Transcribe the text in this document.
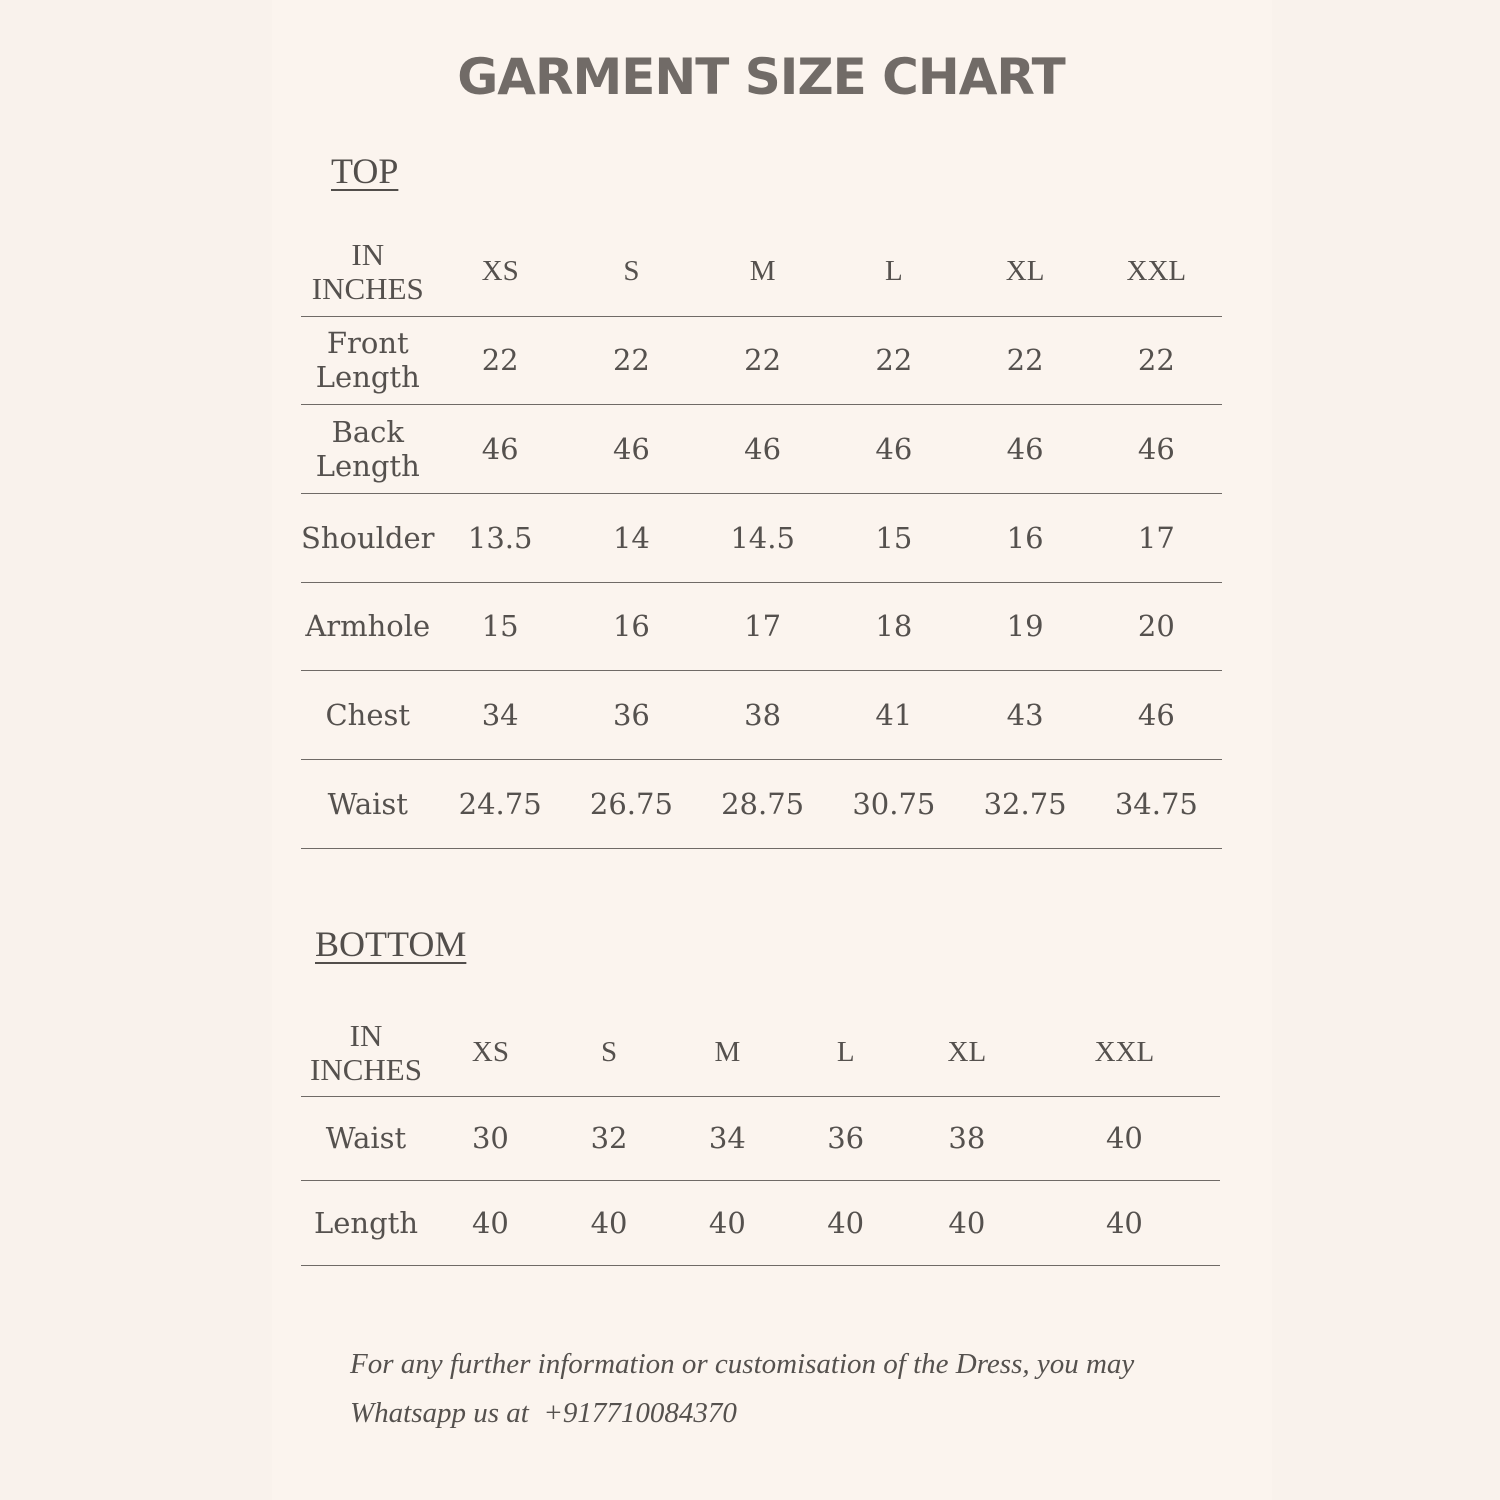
GARMENT SIZE CHART
TOP
IN
INCHES	XS	S	M	L	XL	XXL
Front
Length	22	22	22	22	22	22
Back
Length	46	46	46	46	46	46
Shoulder	13.5	14	14.5	15	16	17
Armhole	15	16	17	18	19	20
Chest	34	36	38	41	43	46
Waist	24.75	26.75	28.75	30.75	32.75	34.75
BOTTOM
IN
INCHES	XS	S	M	L	XL	XXL
Waist	30	32	34	36	38	40
Length	40	40	40	40	40	40
For any further information or customisation of the Dress, you may
Whatsapp us at  +917710084370
